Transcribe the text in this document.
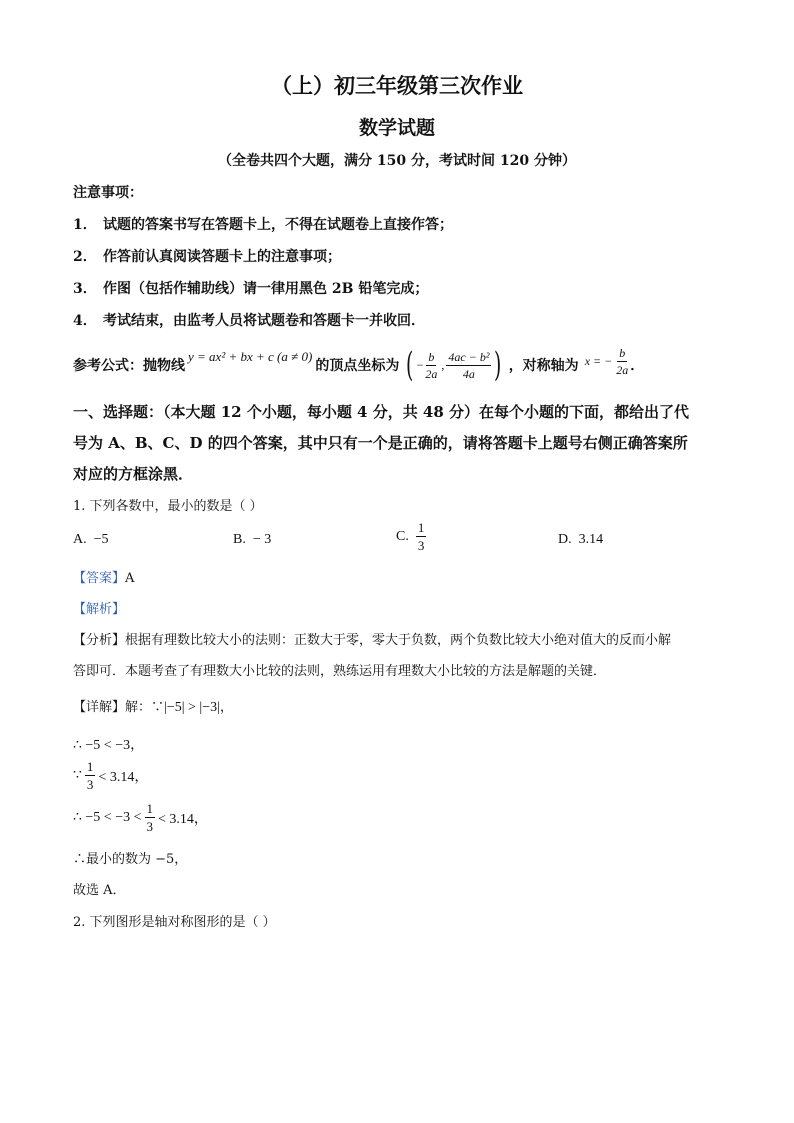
（上）初三年级第三次作业
数学试题
（全卷共四个大题，满分 150 分，考试时间 120 分钟）
注意事项：
1． 试题的答案书写在答题卡上，不得在试题卷上直接作答；
2． 作答前认真阅读答题卡上的注意事项；
3． 作图（包括作辅助线）请一律用黑色 2B 铅笔完成；
4． 考试结束，由监考人员将试题卷和答题卡一并收回．
参考公式：抛物线
y = ax² + bx + c (a ≠ 0)
的顶点坐标为 ( − $\frac{b}{2a}$ , $\frac{\text{4ac − b²}}{4a}$ ) ，对称轴为 x = − $\frac{b}{2a}$ ．
一、选择题：（本大题 12 个小题，每小题 4 分，共 48 分）在每个小题的下面，都给出了代
号为 A、B、C、D 的四个答案，其中只有一个是正确的，请将答题卡上题号右侧正确答案所
对应的方框涂黑．
1. 下列各数中，最小的数是（ ）
A. −5	B. − 3	C.
$\frac{1}{3}$	D. 3.14
【答案】A
【解析】
【分析】根据有理数比较大小的法则：正数大于零，零大于负数，两个负数比较大小绝对值大的反而小解
答即可．本题考查了有理数大小比较的法则，熟练运用有理数大小比较的方法是解题的关键．
【详解】解：∵|−5| > |−3|，
∴ −5 < −3，
∵ $\frac{1}{3} < 3.14$，
∴ $-5 < -3 < \frac{1}{3} < 3.14$，
∴最小的数为 −5，
故选 A．
2. 下列图形是轴对称图形的是（ ）
